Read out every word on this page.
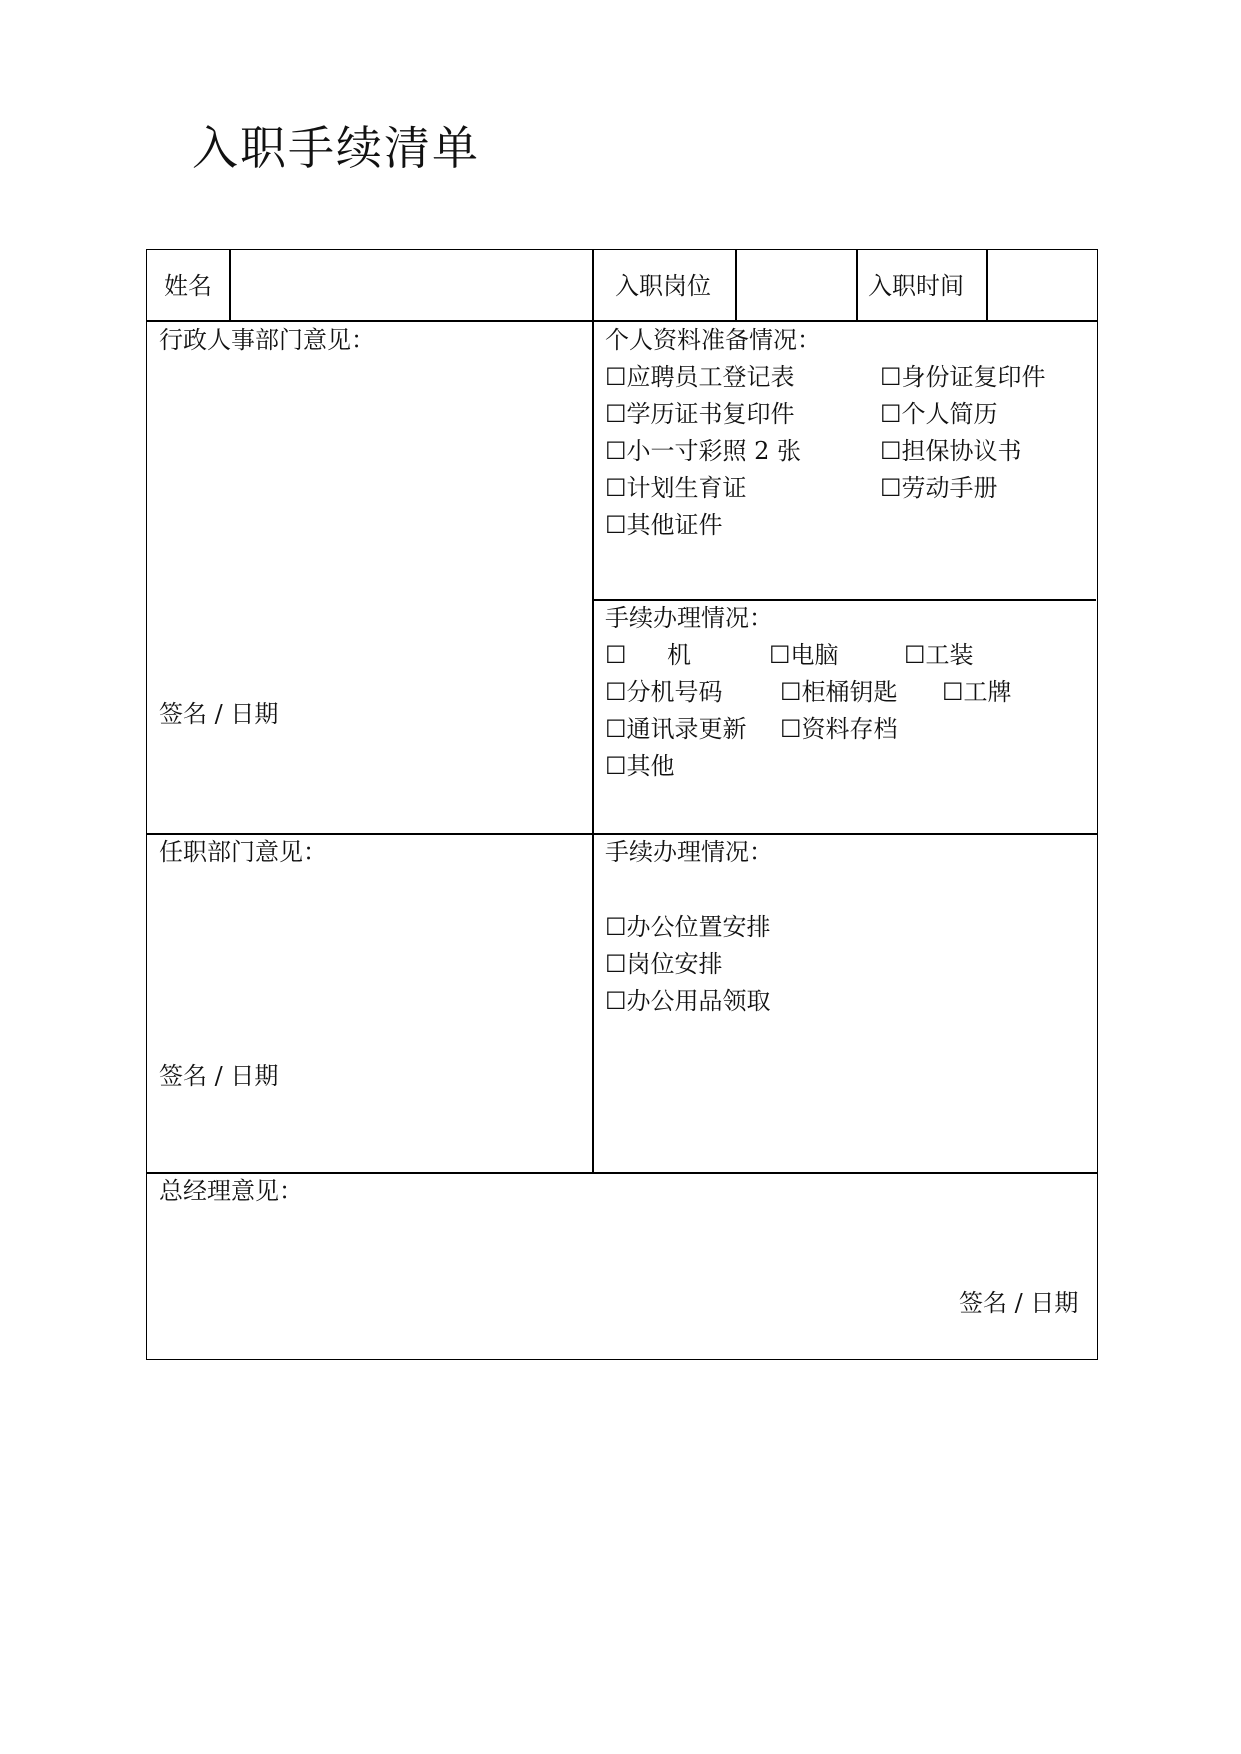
入职手续清单
姓名	入职岗位	入职时间
行政人事部门意见：
签名 / 日期
个人资料准备情况：
☐应聘员工登记表	☐身份证复印件
☐学历证书复印件	☐个人简历
☐小一寸彩照 2 张	☐担保协议书
☐计划生育证	☐劳动手册
☐其他证件
手续办理情况：
☐ 机	☐电脑	☐工装
☐分机号码 ☐柜桶钥匙 ☐工牌
☐通讯录更新 ☐资料存档
☐其他
任职部门意见：
签名 / 日期
手续办理情况：
☐办公位置安排
☐岗位安排
☐办公用品领取
总经理意见：
签名 / 日期
